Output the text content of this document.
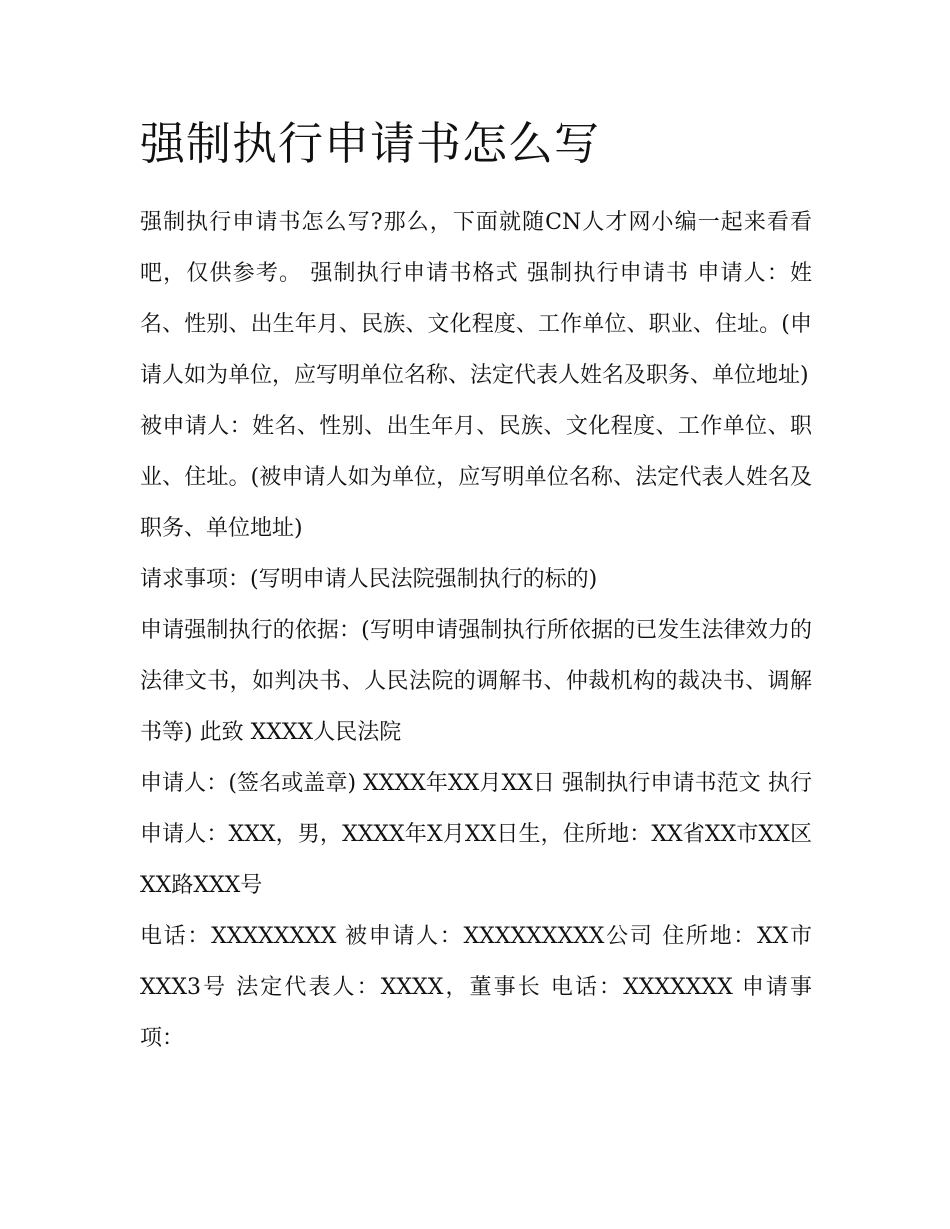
强制执行申请书怎么写

强制执行申请书怎么写?那么，下面就随CN人才网小编一起来看看吧，仅供参考。 强制执行申请书格式 强制执行申请书 申请人：姓名、性别、出生年月、民族、文化程度、工作单位、职业、住址。(申请人如为单位，应写明单位名称、法定代表人姓名及职务、单位地址)

被申请人：姓名、性别、出生年月、民族、文化程度、工作单位、职业、住址。(被申请人如为单位，应写明单位名称、法定代表人姓名及职务、单位地址)

请求事项：(写明申请人民法院强制执行的标的)

申请强制执行的依据：(写明申请强制执行所依据的已发生法律效力的法律文书，如判决书、人民法院的调解书、仲裁机构的裁决书、调解书等) 此致 XXXX人民法院

申请人：(签名或盖章) XXXX年XX月XX日 强制执行申请书范文 执行申请人：XXX，男，XXXX年X月XX日生，住所地：XX省XX市XX区XX路XXX号

电话：XXXXXXXX 被申请人：XXXXXXXXX公司 住所地：XX市XXX3号 法定代表人：XXXX，董事长 电话：XXXXXXX 申请事项：
